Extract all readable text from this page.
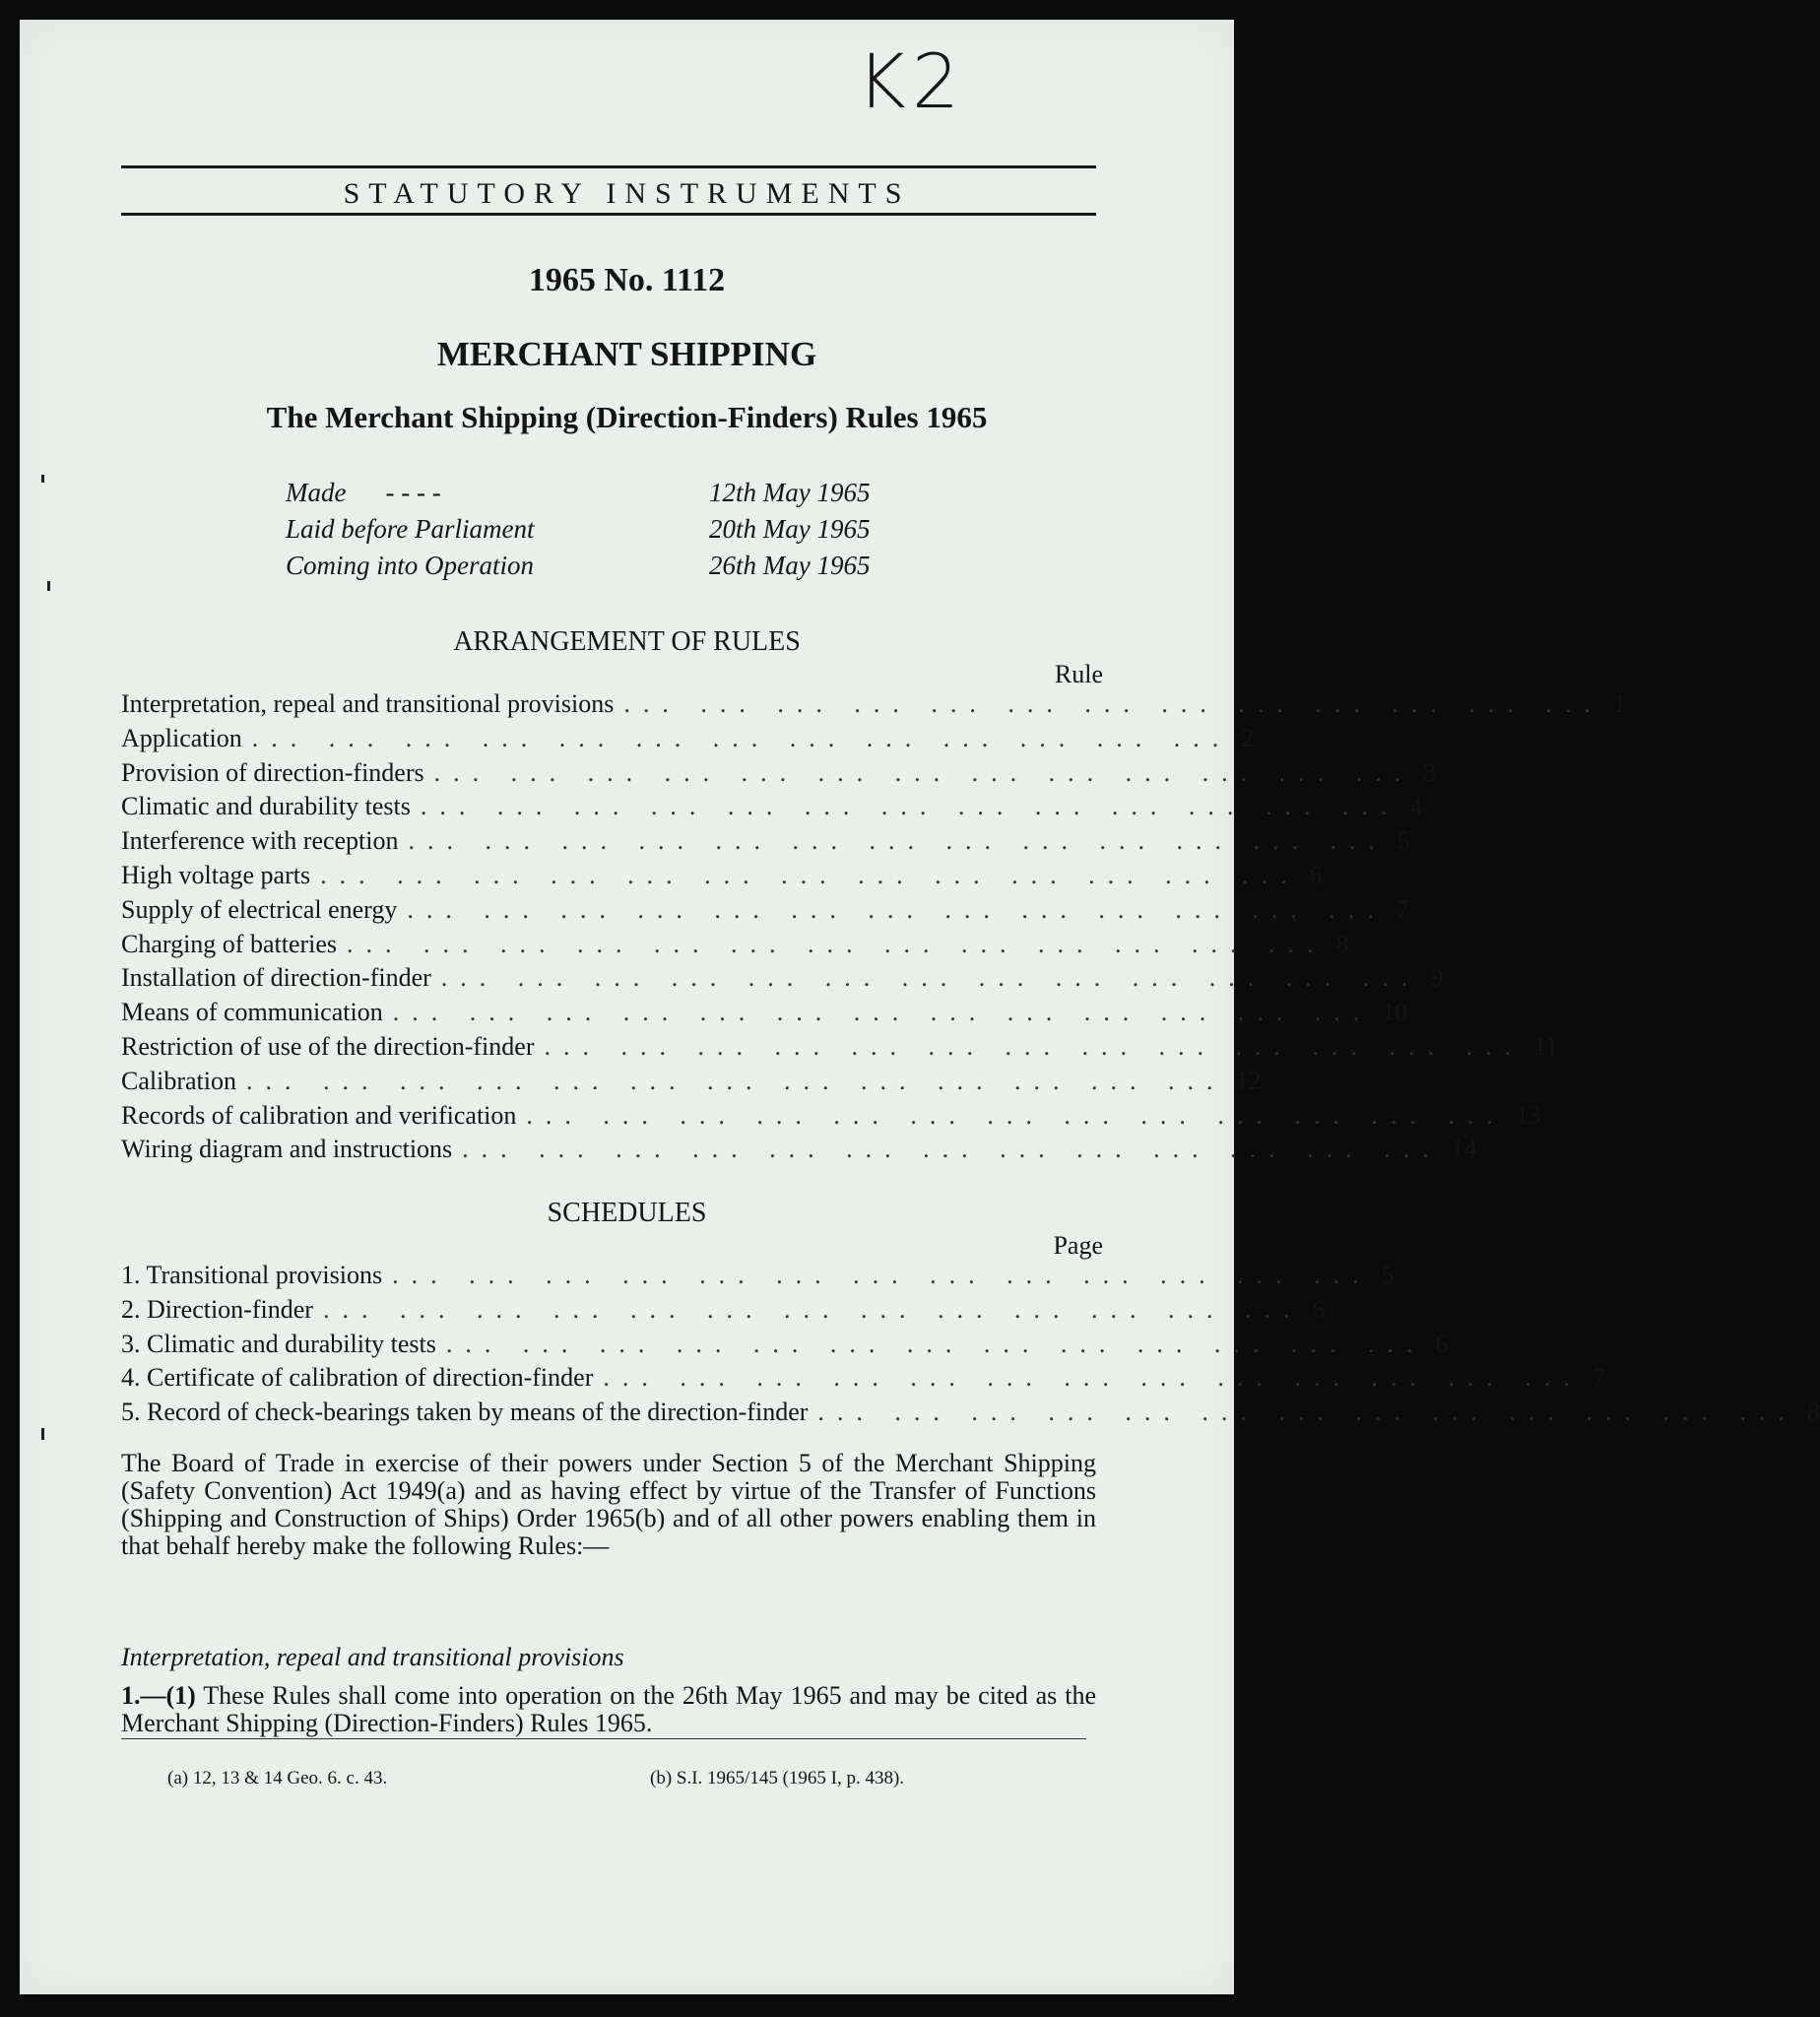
K2
STATUTORY INSTRUMENTS
1965 No. 1112
MERCHANT SHIPPING
The Merchant Shipping (Direction-Finders) Rules 1965
Made - - - -	12th May 1965
Laid before Parliament	20th May 1965
Coming into Operation	26th May 1965
ARRANGEMENT OF RULES
Rule
Interpretation, repeal and transitional provisions ... ... ... ... ... ... ... ... ... ... ... ... ... 1
Application ... ... ... ... ... ... ... ... ... ... ... ... ... 2
Provision of direction-finders ... ... ... ... ... ... ... ... ... ... ... ... ... 3
Climatic and durability tests ... ... ... ... ... ... ... ... ... ... ... ... ... 4
Interference with reception ... ... ... ... ... ... ... ... ... ... ... ... ... 5
High voltage parts ... ... ... ... ... ... ... ... ... ... ... ... ... 6
Supply of electrical energy ... ... ... ... ... ... ... ... ... ... ... ... ... 7
Charging of batteries ... ... ... ... ... ... ... ... ... ... ... ... ... 8
Installation of direction-finder ... ... ... ... ... ... ... ... ... ... ... ... ... 9
Means of communication ... ... ... ... ... ... ... ... ... ... ... ... ... 10
Restriction of use of the direction-finder ... ... ... ... ... ... ... ... ... ... ... ... ... 11
Calibration ... ... ... ... ... ... ... ... ... ... ... ... ... 12
Records of calibration and verification ... ... ... ... ... ... ... ... ... ... ... ... ... 13
Wiring diagram and instructions ... ... ... ... ... ... ... ... ... ... ... ... ... 14
SCHEDULES
Page
1. Transitional provisions ... ... ... ... ... ... ... ... ... ... ... ... ... 5
2. Direction-finder ... ... ... ... ... ... ... ... ... ... ... ... ... 6
3. Climatic and durability tests ... ... ... ... ... ... ... ... ... ... ... ... ... 6
4. Certificate of calibration of direction-finder ... ... ... ... ... ... ... ... ... ... ... ... ... 7
5. Record of check-bearings taken by means of the direction-finder ... ... ... ... ... ... ... ... ... ... ... ... ... 8
The Board of Trade in exercise of their powers under Section 5 of the Merchant Shipping (Safety Convention) Act 1949(a) and as having effect by virtue of the Transfer of Functions (Shipping and Construction of Ships) Order 1965(b) and of all other powers enabling them in that behalf hereby make the following Rules:—
Interpretation, repeal and transitional provisions
1.—(1) These Rules shall come into operation on the 26th May 1965 and may be cited as the Merchant Shipping (Direction-Finders) Rules 1965.
(a) 12, 13 & 14 Geo. 6. c. 43.	(b) S.I. 1965/145 (1965 I, p. 438).
